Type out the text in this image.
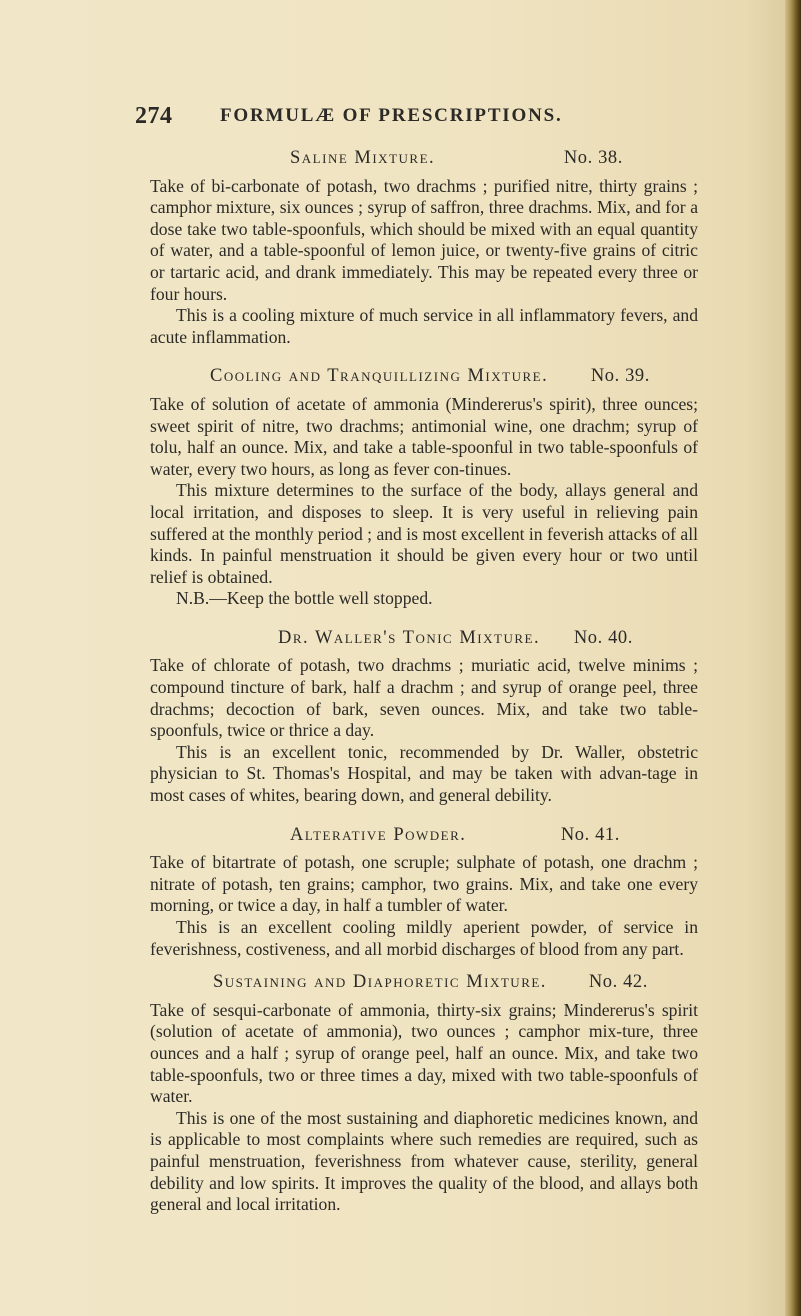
274	FORMULÆ OF PRESCRIPTIONS.
Saline Mixture.	No. 38.

Take of bi-carbonate of potash, two drachms ; purified nitre, thirty grains ; camphor mixture, six ounces ; syrup of saffron, three drachms. Mix, and for a dose take two table-spoonfuls, which should be mixed with an equal quantity of water, and a table-spoonful of lemon juice, or twenty-five grains of citric or tartaric acid, and drank immediately. This may be repeated every three or four hours.

This is a cooling mixture of much service in all inflammatory fevers, and acute inflammation.

Cooling and Tranquillizing Mixture. No. 39.

Take of solution of acetate of ammonia (Mindererus's spirit), three ounces; sweet spirit of nitre, two drachms; antimonial wine, one drachm; syrup of tolu, half an ounce. Mix, and take a table-spoonful in two table-spoonfuls of water, every two hours, as long as fever con-tinues.

This mixture determines to the surface of the body, allays general and local irritation, and disposes to sleep. It is very useful in relieving pain suffered at the monthly period ; and is most excellent in feverish attacks of all kinds. In painful menstruation it should be given every hour or two until relief is obtained.

N.B.—Keep the bottle well stopped.

Dr. Waller's Tonic Mixture. No. 40.

Take of chlorate of potash, two drachms ; muriatic acid, twelve minims ; compound tincture of bark, half a drachm ; and syrup of orange peel, three drachms; decoction of bark, seven ounces. Mix, and take two table-spoonfuls, twice or thrice a day.

This is an excellent tonic, recommended by Dr. Waller, obstetric physician to St. Thomas's Hospital, and may be taken with advan-tage in most cases of whites, bearing down, and general debility.

Alterative Powder.	No. 41.

Take of bitartrate of potash, one scruple; sulphate of potash, one drachm ; nitrate of potash, ten grains; camphor, two grains. Mix, and take one every morning, or twice a day, in half a tumbler of water.

This is an excellent cooling mildly aperient powder, of service in feverishness, costiveness, and all morbid discharges of blood from any part.

Sustaining and Diaphoretic Mixture. No. 42.

Take of sesqui-carbonate of ammonia, thirty-six grains; Mindererus's spirit (solution of acetate of ammonia), two ounces ; camphor mix-ture, three ounces and a half ; syrup of orange peel, half an ounce. Mix, and take two table-spoonfuls, two or three times a day, mixed with two table-spoonfuls of water.

This is one of the most sustaining and diaphoretic medicines known, and is applicable to most complaints where such remedies are required, such as painful menstruation, feverishness from whatever cause, sterility, general debility and low spirits. It improves the quality of the blood, and allays both general and local irritation.
